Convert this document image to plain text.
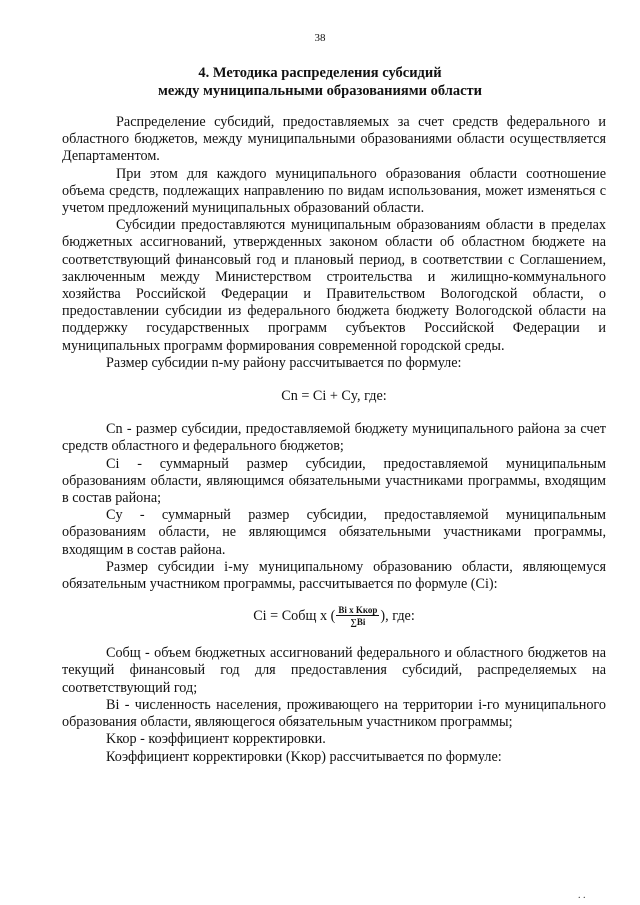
38
4. Методика распределения субсидий
между муниципальными образованиями области

Распределение субсидий, предоставляемых за счет средств федерального и областного бюджетов, между муниципальными образованиями области осуществляется Департаментом.

При этом для каждого муниципального образования области соотношение объема средств, подлежащих направлению по видам использования, может изменяться с учетом предложений муниципальных образований области.

Субсидии предоставляются муниципальным образованиям области в пределах бюджетных ассигнований, утвержденных законом области об областном бюджете на соответствующий финансовый год и плановый период, в соответствии с Соглашением, заключенным между Министерством строительства и жилищно-коммунального хозяйства Российской Федерации и Правительством Вологодской области, о предоставлении субсидии из федерального бюджета бюджету Вологодской области на поддержку государственных программ субъектов Российской Федерации и муниципальных программ формирования современной городской среды.

Размер субсидии n-му району рассчитывается по формуле:

Cn = Ci + Cy, где:

Cn - размер субсидии, предоставляемой бюджету муниципального района за счет средств областного и федерального бюджетов;

Ci - суммарный размер субсидии, предоставляемой муниципальным образованиям области, являющимся обязательными участниками программы, входящим в состав района;

Cy - суммарный размер субсидии, предоставляемой муниципальным образованиям области, не являющимся обязательными участниками программы, входящим в состав района.

Размер субсидии i-му муниципальному образованию области, являющемуся обязательным участником программы, рассчитывается по формуле (Ci):

Ci = Cобщ x ( $\frac{\text{Bi x Kкор}}{\sum Bi}$ ), где:

Cобщ - объем бюджетных ассигнований федерального и областного бюджетов на текущий финансовый год для предоставления субсидий, распределяемых на соответствующий год;

Bi - численность населения, проживающего на территории i-го муниципального образования области, являющегося обязательным участником программы;

Kкор - коэффициент корректировки.

Коэффициент корректировки (Kкор) рассчитывается по формуле:

. .
